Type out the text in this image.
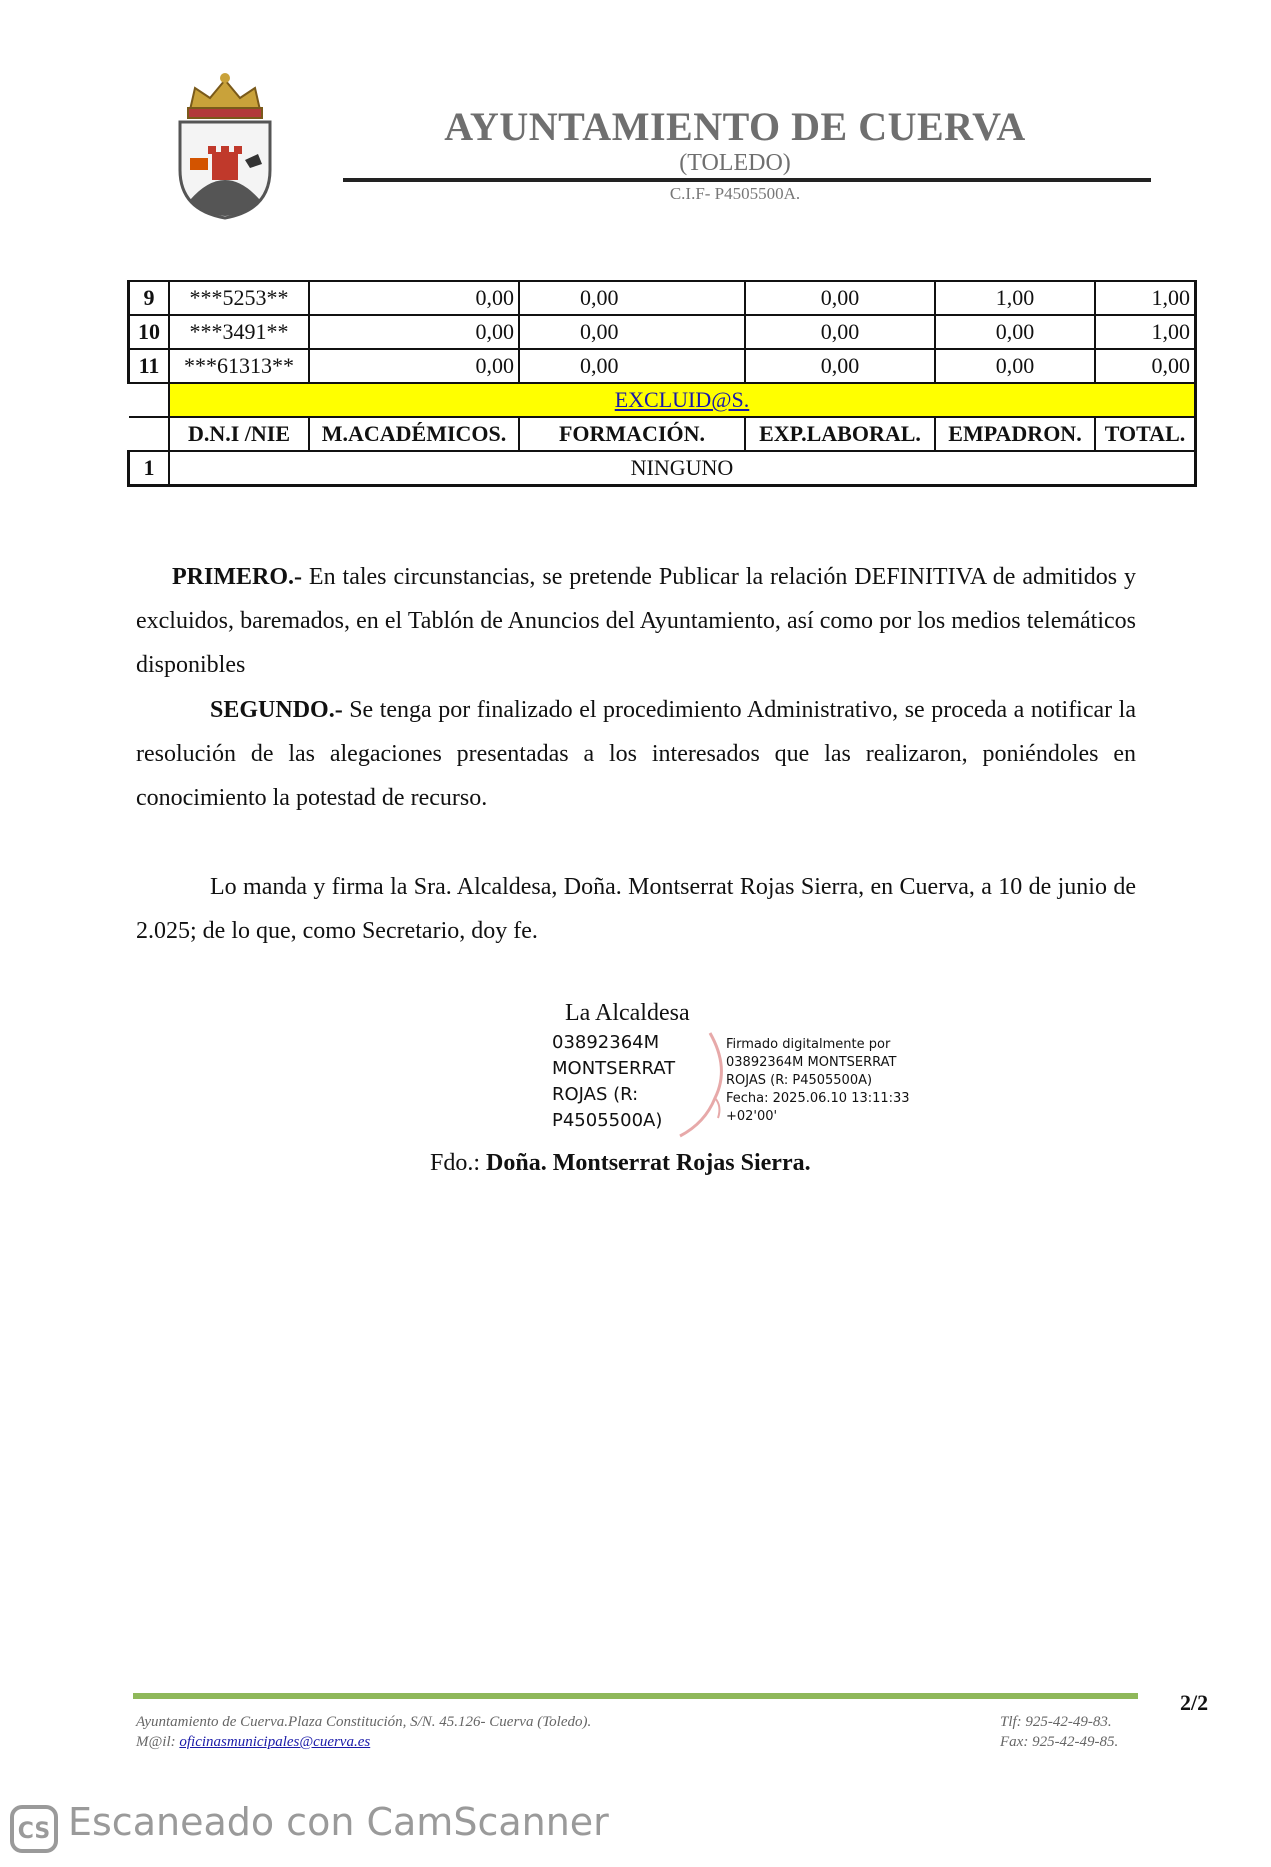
AYUNTAMIENTO DE CUERVA
(TOLEDO)
C.I.F- P4505500A.
9	***5253**	0,00	0,00	0,00	1,00	1,00
10	***3491**	0,00	0,00	0,00	0,00	1,00
11	***61313**	0,00	0,00	0,00	0,00	0,00
	EXCLUID@S.					
	D.N.I /NIE	M.ACADÉMICOS.	FORMACIÓN.	EXP.LABORAL.	EMPADRON.	TOTAL.
1	NINGUNO					
PRIMERO.- En tales circunstancias, se pretende Publicar la relación DEFINITIVA de admitidos y excluidos, baremados, en el Tablón de Anuncios del Ayuntamiento, así como por los medios telemáticos disponibles
SEGUNDO.- Se tenga por finalizado el procedimiento Administrativo, se proceda a notificar la resolución de las alegaciones presentadas a los interesados que las realizaron, poniéndoles en conocimiento la potestad de recurso.
Lo manda y firma la Sra. Alcaldesa, Doña. Montserrat Rojas Sierra, en Cuerva, a 10 de junio de 2.025; de lo que, como Secretario, doy fe.
La Alcaldesa
03892364M MONTSERRAT ROJAS (R: P4505500A)
Firmado digitalmente por 03892364M MONTSERRAT ROJAS (R: P4505500A) Fecha: 2025.06.10 13:11:33 +02'00'
Fdo.: Doña. Montserrat Rojas Sierra.
2/2
Ayuntamiento de Cuerva.Plaza Constitución, S/N. 45.126- Cuerva (Toledo).
M@il: oficinasmunicipales@cuerva.es
Tlf: 925-42-49-83.
Fax: 925-42-49-85.
CS Escaneado con CamScanner
